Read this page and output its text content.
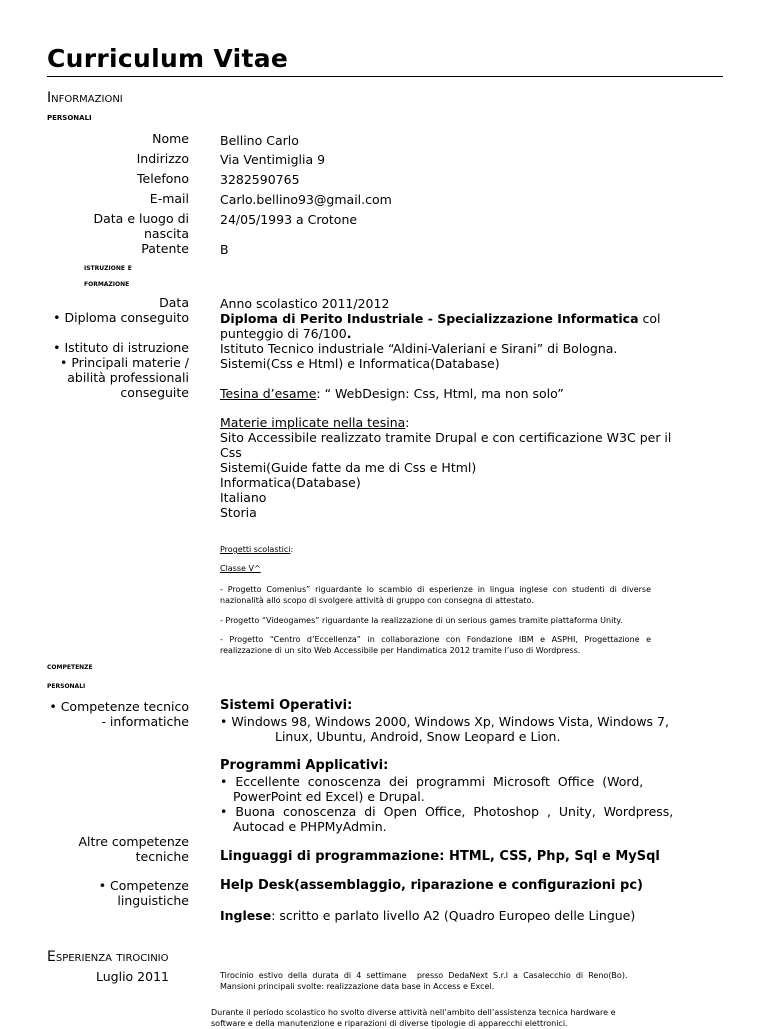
Curriculum Vitae
Informazioni
personali
Nome Bellino Carlo
Indirizzo Via Ventimiglia 9
Telefono 3282590765
E-mail Carlo.bellino93@gmail.com
Data e luogo di
nascita
24/05/1993 a Crotone
Patente B
istruzione e
formazione
Data Anno scolastico 2011/2012
• Diploma conseguito Diploma di Perito Industriale - Specializzazione Informatica col
punteggio di 76/100.
• Istituto di istruzione Istituto Tecnico industriale “Aldini-Valeriani e Sirani” di Bologna.
• Principali materie /
abilità professionali
conseguite
Sistemi(Css e Html) e Informatica(Database)
Tesina d’esame: “ WebDesign: Css, Html, ma non solo”
Materie implicate nella tesina:
Sito Accessibile realizzato tramite Drupal e con certificazione W3C per il
Css
Sistemi(Guide fatte da me di Css e Html)
Informatica(Database)
Italiano
Storia
Progetti scolastici:
Classe V^
- Progetto Comenius” riguardante lo scambio di esperienze in lingua inglese con studenti di diverse nazionalità allo scopo di svolgere attività di gruppo con consegna di attestato.
- Progetto “Videogames” riguardante la realizzazione di un serious games tramite piattaforma Unity.
- Progetto “Centro d’Eccellenza” in collaborazione con Fondazione IBM e ASPHI, Progettazione e realizzazione di un sito Web Accessibile per Handimatica 2012 tramite l’uso di Wordpress.
competenze
personali
• Competenze tecnico
- informatiche
Sistemi Operativi:
• Windows 98, Windows 2000, Windows Xp, Windows Vista, Windows 7,
Linux, Ubuntu, Android, Snow Leopard e Lion.
Programmi Applicativi:
•  Eccellente  conoscenza  dei  programmi  Microsoft  Office  (Word,
PowerPoint ed Excel) e Drupal.
•  Buona  conoscenza  di  Open  Office,  Photoshop  ,  Unity,  Wordpress,
Autocad e PHPMyAdmin.
Altre competenze
tecniche Linguaggi di programmazione: HTML, CSS, Php, Sql e MySql
• Competenze
linguistiche
Help Desk(assemblaggio, riparazione e configurazioni pc)
Inglese: scritto e parlato livello A2 (Quadro Europeo delle Lingue)
Esperienza tirocinio
Luglio 2011	Tirocinio  estivo  della  durata  di  4  settimane    presso  DedaNext  S.r.l  a  Casalecchio  di  Reno(Bo).
Mansioni principali svolte: realizzazione data base in Access e Excel.
Durante il periodo scolastico ho svolto diverse attività nell’ambito dell’assistenza tecnica hardware e
software e della manutenzione e riparazioni di diverse tipologie di apparecchi elettronici.
